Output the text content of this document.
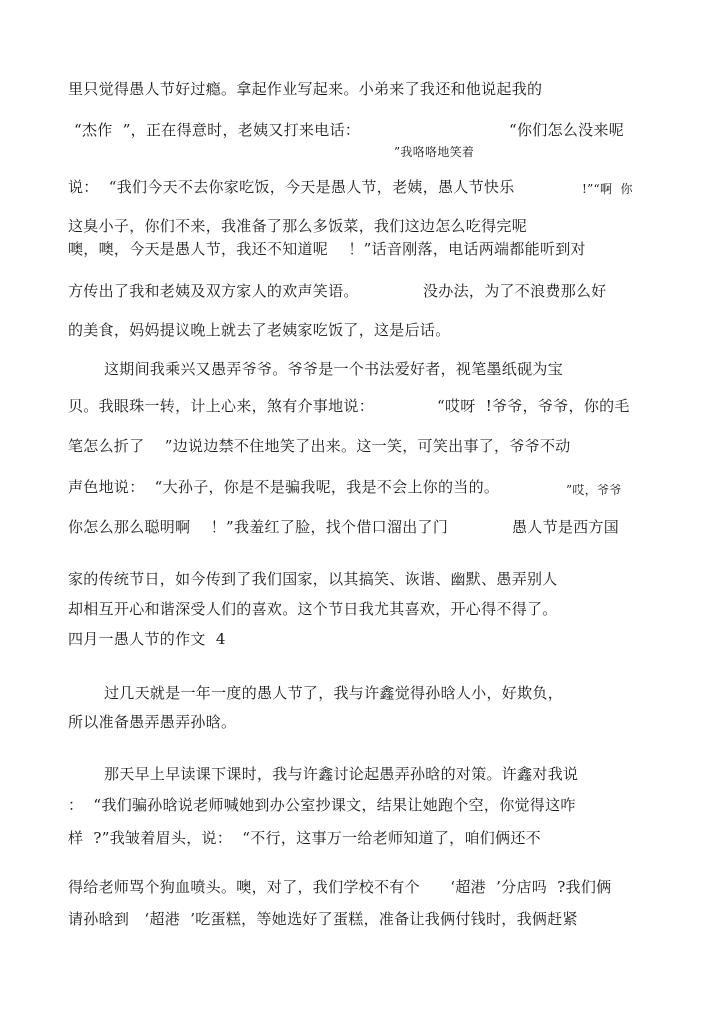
里只觉得愚人节好过瘾。拿起作业写起来。小弟来了我还和他说起我的
“杰作  ”，正在得意时，老姨又打来电话：	“你们怎么没来呢
”我咯咯地笑着
说：  “我们今天不去你家吃饭，今天是愚人节，老姨，愚人节快乐	!”“啊  你
这臭小子，你们不来，我准备了那么多饭菜，我们这边怎么吃得完呢
噢，噢，今天是愚人节，我还不知道呢    ！”话音刚落，电话两端都能听到对
方传出了我和老姨及双方家人的欢声笑语。	没办法，为了不浪费那么好
的美食，妈妈提议晚上就去了老姨家吃饭了，这是后话。
这期间我乘兴又愚弄爷爷。爷爷是一个书法爱好者，视笔墨纸砚为宝
贝。我眼珠一转，计上心来，煞有介事地说：	“哎呀  !爷爷，爷爷，你的毛
笔怎么折了    ”边说边禁不住地笑了出来。这一笑，可笑出事了，爷爷不动
声色地说：  “大孙子，你是不是骗我呢，我是不会上你的当的。	”哎，爷爷
你怎么那么聪明啊    ！”我羞红了脸，找个借口溜出了门	愚人节是西方国
家的传统节日，如今传到了我们国家，以其搞笑、诙谐、幽默、愚弄别人
却相互开心和谐深受人们的喜欢。这个节日我尤其喜欢，开心得不得了。
四月一愚人节的作文  4
过几天就是一年一度的愚人节了，我与许鑫觉得孙晗人小，好欺负，
所以准备愚弄愚弄孙晗。
那天早上早读课下课时，我与许鑫讨论起愚弄孙晗的对策。许鑫对我说
：  “我们骗孙晗说老师喊她到办公室抄课文，结果让她跑个空，你觉得这咋
样  ?”我皱着眉头，说：  “不行，这事万一给老师知道了，咱们俩还不
得给老师骂个狗血喷头。噢，对了，我们学校不有个      ‘超港  ’分店吗  ?我们俩
请孙晗到   ‘超港  ’吃蛋糕，等她选好了蛋糕，准备让我俩付钱时，我俩赶紧
